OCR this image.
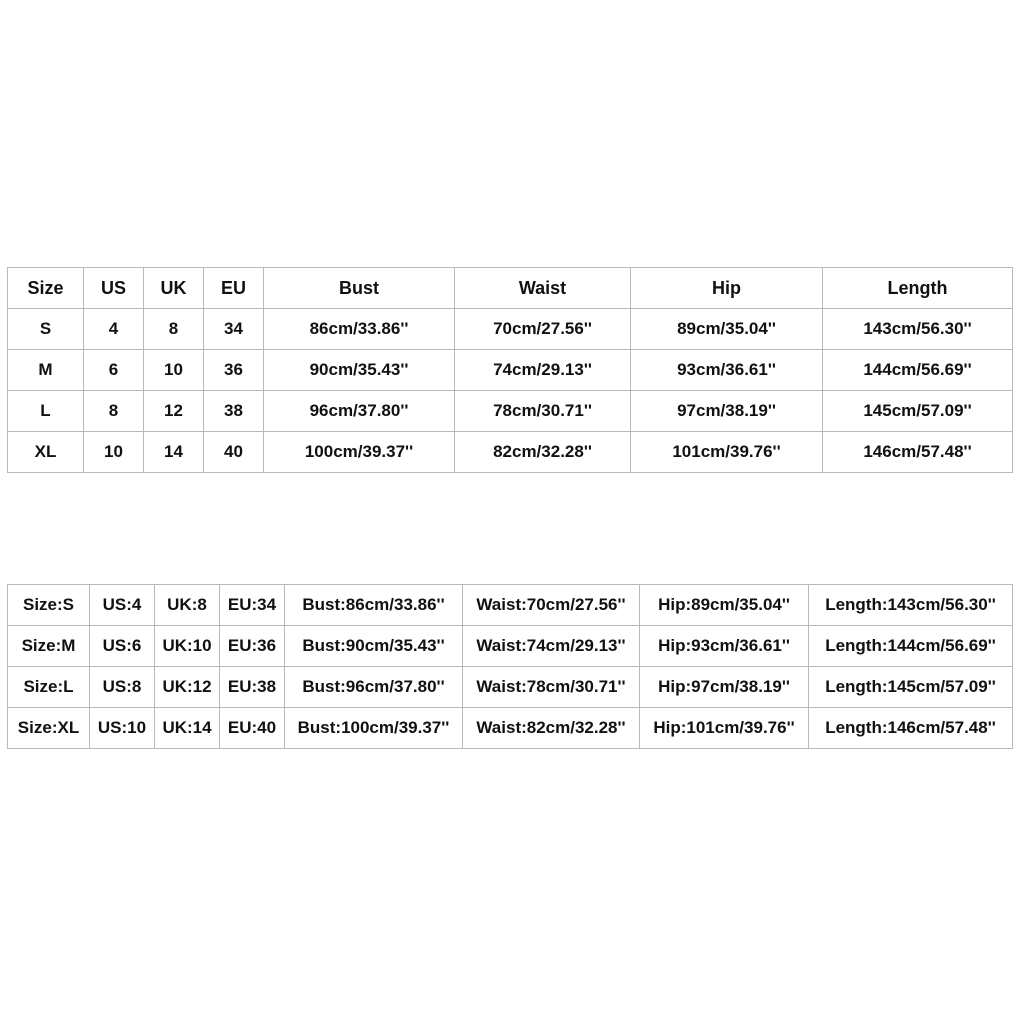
Size	US	UK	EU	Bust	Waist	Hip	Length
S	4	8	34	86cm/33.86''	70cm/27.56''	89cm/35.04''	143cm/56.30''
M	6	10	36	90cm/35.43''	74cm/29.13''	93cm/36.61''	144cm/56.69''
L	8	12	38	96cm/37.80''	78cm/30.71''	97cm/38.19''	145cm/57.09''
XL	10	14	40	100cm/39.37''	82cm/32.28''	101cm/39.76''	146cm/57.48''
Size:S	US:4	UK:8	EU:34	Bust:86cm/33.86''	Waist:70cm/27.56''	Hip:89cm/35.04''	Length:143cm/56.30''
Size:M	US:6	UK:10	EU:36	Bust:90cm/35.43''	Waist:74cm/29.13''	Hip:93cm/36.61''	Length:144cm/56.69''
Size:L	US:8	UK:12	EU:38	Bust:96cm/37.80''	Waist:78cm/30.71''	Hip:97cm/38.19''	Length:145cm/57.09''
Size:XL	US:10	UK:14	EU:40	Bust:100cm/39.37''	Waist:82cm/32.28''	Hip:101cm/39.76''	Length:146cm/57.48''
